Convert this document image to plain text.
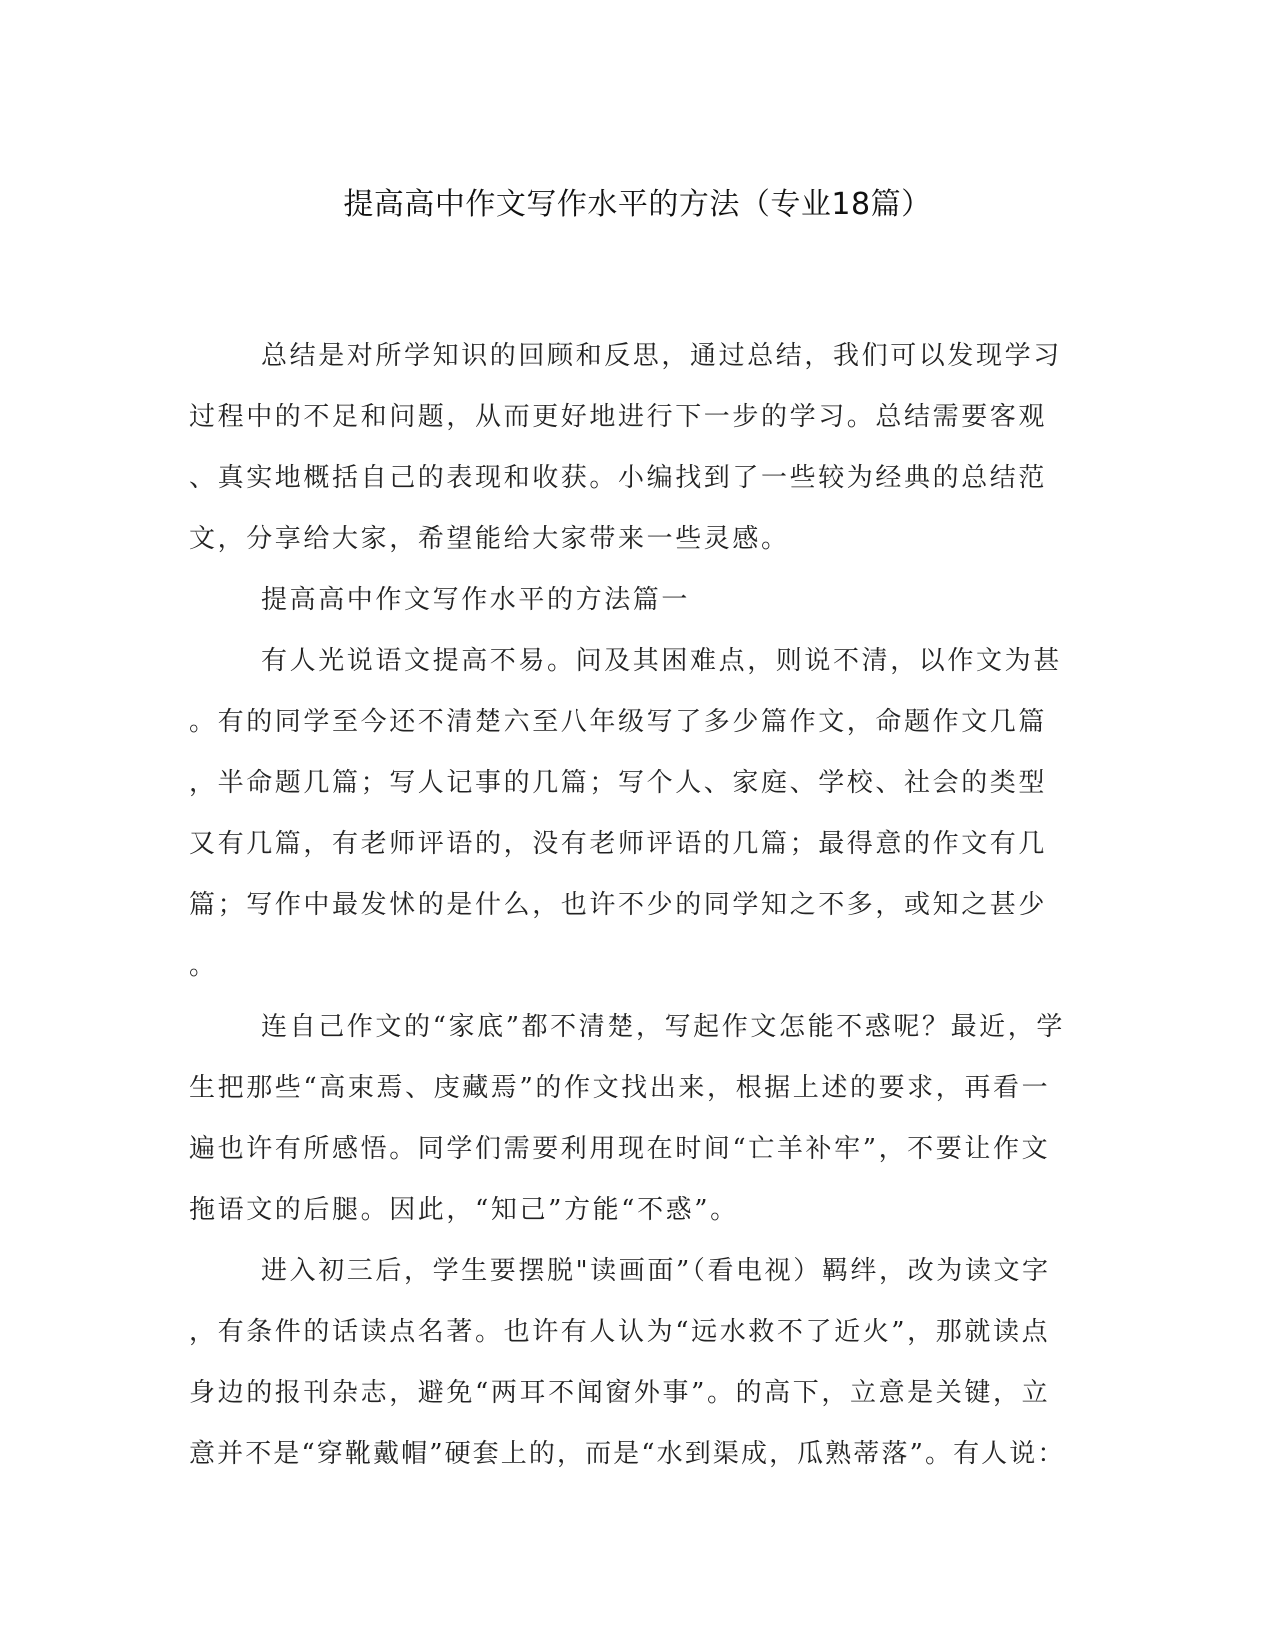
提高高中作文写作水平的方法（专业18篇）
总结是对所学知识的回顾和反思，通过总结，我们可以发现学习
过程中的不足和问题，从而更好地进行下一步的学习。总结需要客观
、真实地概括自己的表现和收获。小编找到了一些较为经典的总结范
文，分享给大家，希望能给大家带来一些灵感。
提高高中作文写作水平的方法篇一
有人光说语文提高不易。问及其困难点，则说不清，以作文为甚
。有的同学至今还不清楚六至八年级写了多少篇作文，命题作文几篇
，半命题几篇；写人记事的几篇；写个人、家庭、学校、社会的类型
又有几篇，有老师评语的，没有老师评语的几篇；最得意的作文有几
篇；写作中最发怵的是什么，也许不少的同学知之不多，或知之甚少
。
连自己作文的“家底”都不清楚，写起作文怎能不惑呢？最近，学
生把那些“高束焉、庋藏焉”的作文找出来，根据上述的要求，再看一
遍也许有所感悟。同学们需要利用现在时间“亡羊补牢”，不要让作文
拖语文的后腿。因此，“知己”方能“不惑”。
进入初三后，学生要摆脱"读画面”（看电视）羁绊，改为读文字
，有条件的话读点名著。也许有人认为“远水救不了近火”，那就读点
身边的报刊杂志，避免“两耳不闻窗外事”。的高下，立意是关键，立
意并不是“穿靴戴帽”硬套上的，而是“水到渠成，瓜熟蒂落”。有人说：
